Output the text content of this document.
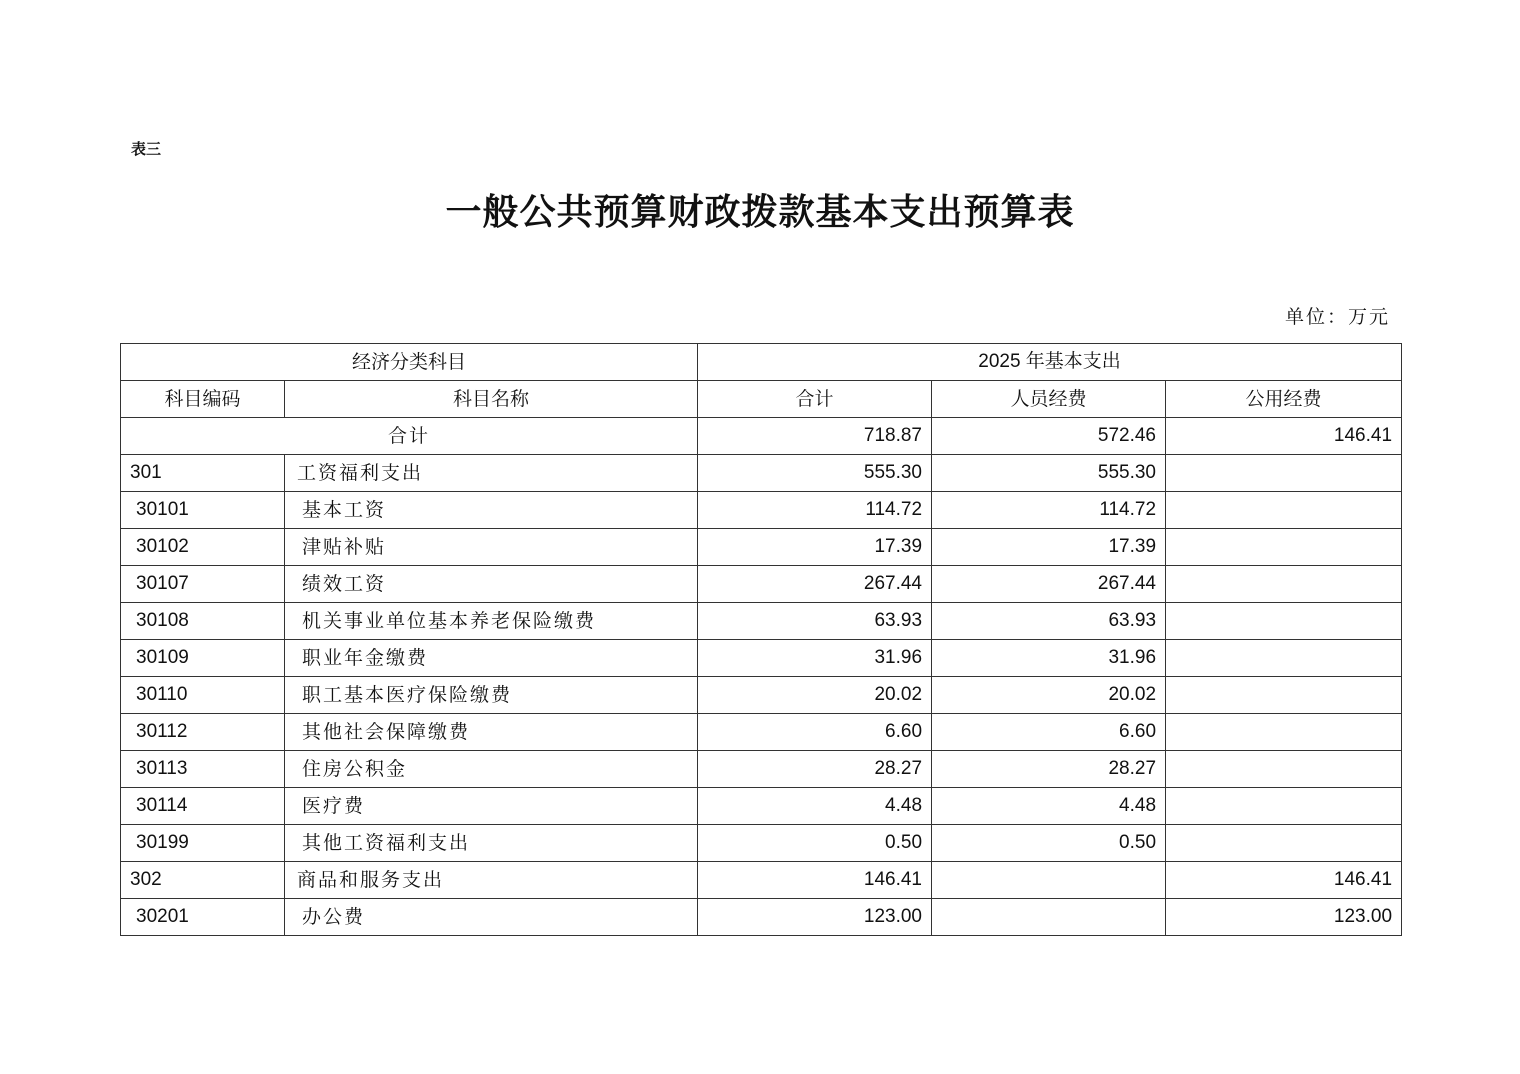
表三
一般公共预算财政拨款基本支出预算表
单位：万元
经济分类科目		2025 年基本支出		
科目编码	科目名称	合计	人员经费	公用经费
合计		718.87	572.46	146.41
301	工资福利支出	555.30	555.30	
30101	基本工资	114.72	114.72	
30102	津贴补贴	17.39	17.39	
30107	绩效工资	267.44	267.44	
30108	机关事业单位基本养老保险缴费	63.93	63.93	
30109	职业年金缴费	31.96	31.96	
30110	职工基本医疗保险缴费	20.02	20.02	
30112	其他社会保障缴费	6.60	6.60	
30113	住房公积金	28.27	28.27	
30114	医疗费	4.48	4.48	
30199	其他工资福利支出	0.50	0.50	
302	商品和服务支出	146.41		146.41
30201	办公费	123.00		123.00
